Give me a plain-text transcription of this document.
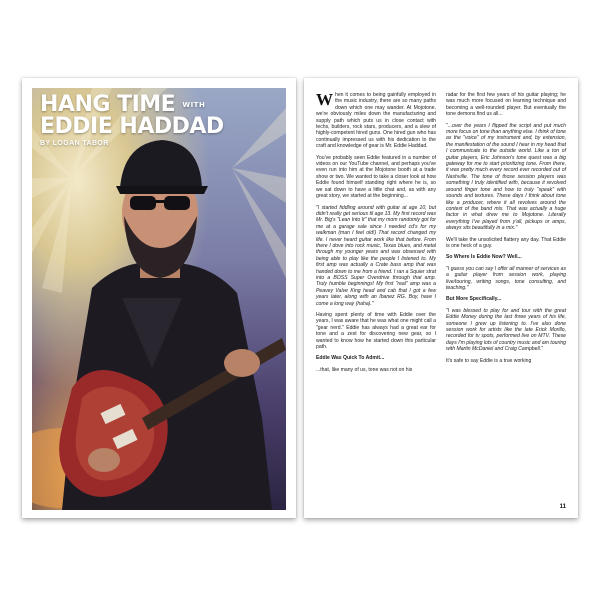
HANG TIME $^{WITH}$
EDDIE HADDAD
BY LOGAN TABOR

When it comes to being gainfully employed in the music industry, there are so many paths down which one may wander. At Mojotone, we're obviously miles down the manufacturing and supply path which puts us in close contact with techs, builders, rock stars, producers, and a slew of highly-competent hired guns. One hired gun who has continually impressed us with his dedication to the craft and knowledge of gear is Mr. Eddie Haddad.

You've probably seen Eddie featured in a number of videos on our YouTube channel, and perhaps you've even run into him at the Mojotone booth at a trade show or two. We wanted to take a closer look at how Eddie found himself standing right where he is, so we sat down to have a little chat and, as with any great story, we started at the beginning...

"I started fiddling around with guitar at age 10, but didn't really get serious til age 13. My first record was Mr. Big's "Lean Into It" that my mom randomly got for me at a garage sale since I needed cd's for my walkman (man I feel old!) That record changed my life. I never heard guitar work like that before. From there I dove into rock music, Texas blues, and metal through my younger years and was obsessed with being able to play like the people I listened to. My first amp was actually a Crate bass amp that was handed down to me from a friend. I ran a Squier strat into a BOSS Super Overdrive through that amp. Truly humble beginnings! My first "real" amp was a Peavey Valve King head and cab that I got a few years later, along with an Ibanez RG. Boy, have I come a long way (haha)."

Having spent plenty of time with Eddie over the years, I was aware that he was what one might call a "gear nerd." Eddie has always had a great ear for tone and a zest for discovering new gear, so I wanted to know how he started down this particular path.

Eddie Was Quick To Admit...

...that, like many of us, tone was not on his

radar for the first few years of his guitar playing; he was much more focused on learning technique and becoming a well-rounded player. But eventually the tone demons find us all...

"...over the years I flipped the script and put much more focus on tone than anything else. I think of tone as the "voice" of my instrument and, by extension, the manifestation of the sound I hear in my head that I communicate to the outside world. Like a ton of guitar players, Eric Johnson's tone quest was a big gateway for me to start prioritizing tone. From there, it was pretty much every record ever recorded out of Nashville. The tone of those session players was something I truly identified with, because it revolved around finger tone and how to truly "speak" with sounds and textures. These days I think about tone like a producer, where it all revolves around the context of the band mix. That was actually a huge factor in what drew me to Mojotone. Literally everything I've played from y'all, pickups or amps, always sits beautifully in a mix."

We'll take the unsolicited flattery any day. That Eddie is one heck of a guy.

So Where Is Eddie Now? Well...

"I guess you can say I offer all manner of services as a guitar player from session work, playing live/touring, writing songs, tone consulting, and teaching."

But More Specifically...

"I was blessed to play for and tour with the great Eddie Money during the last three years of his life, someone I grew up listening to. I've also done session work for artists like the late Erick Morillo, recorded for tv spots, performed live on MTV. These days I'm playing lots of country music and am touring with Martin McDaniel and Craig Campbell."

It's safe to say Eddie is a true working

11
